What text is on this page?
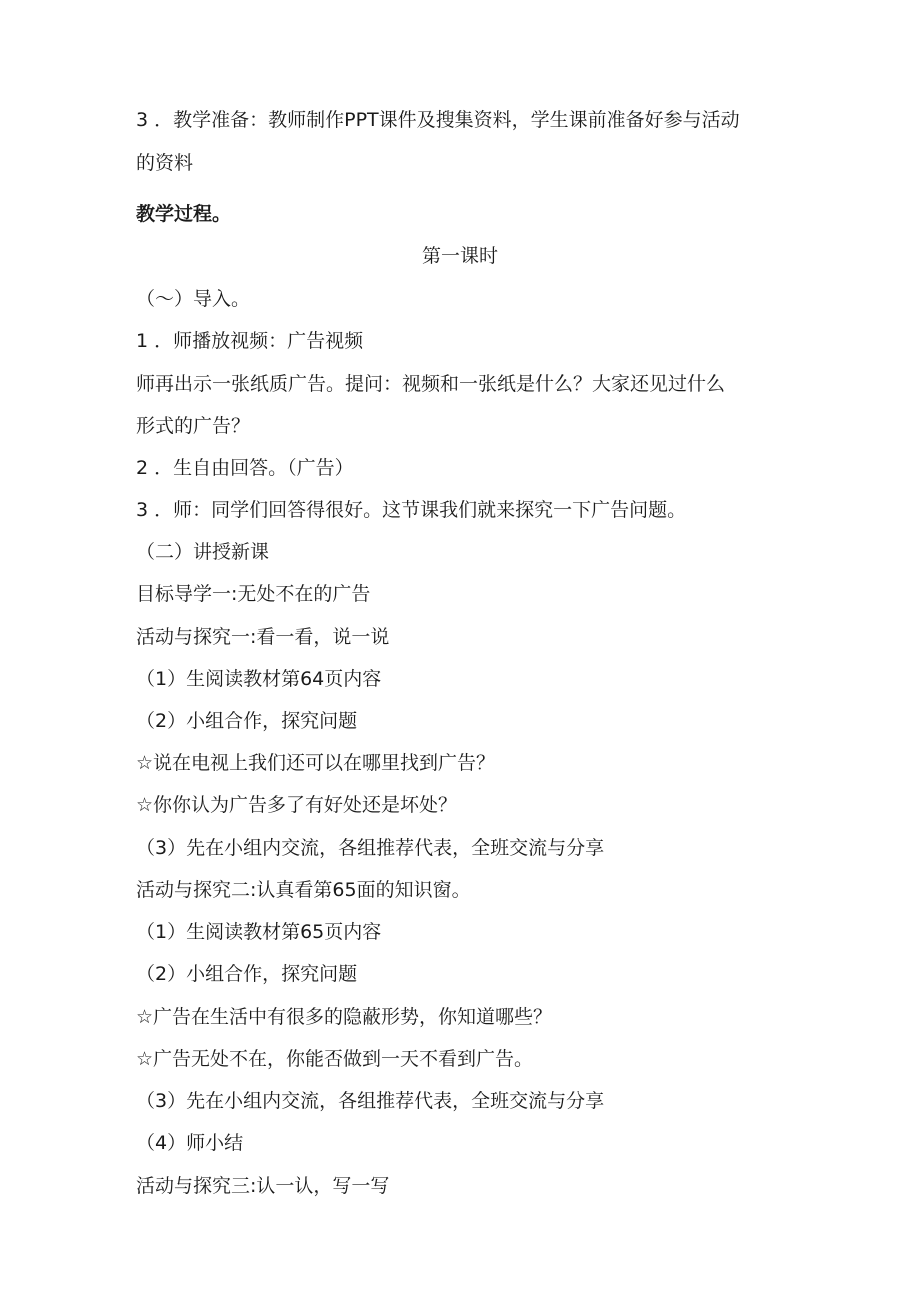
3 ．教学准备：教师制作PPT课件及搜集资料，学生课前准备好参与活动
的资料
教学过程。
第一课时
（〜）导入。
1 ．师播放视频：广告视频
师再出示一张纸质广告。提问：视频和一张纸是什么？大家还见过什么
形式的广告？
2 ．生自由回答。（广告）
3 ．师：同学们回答得很好。这节课我们就来探究一下广告问题。
（二）讲授新课
目标导学一:无处不在的广告
活动与探究一:看一看，说一说
（1）生阅读教材第64页内容
（2）小组合作，探究问题
☆说在电视上我们还可以在哪里找到广告？
☆你你认为广告多了有好处还是坏处？
（3）先在小组内交流，各组推荐代表，全班交流与分享
活动与探究二:认真看第65面的知识窗。
（1）生阅读教材第65页内容
（2）小组合作，探究问题
☆广告在生活中有很多的隐蔽形势，你知道哪些？
☆广告无处不在，你能否做到一天不看到广告。
（3）先在小组内交流，各组推荐代表，全班交流与分享
（4）师小结
活动与探究三:认一认，写一写
